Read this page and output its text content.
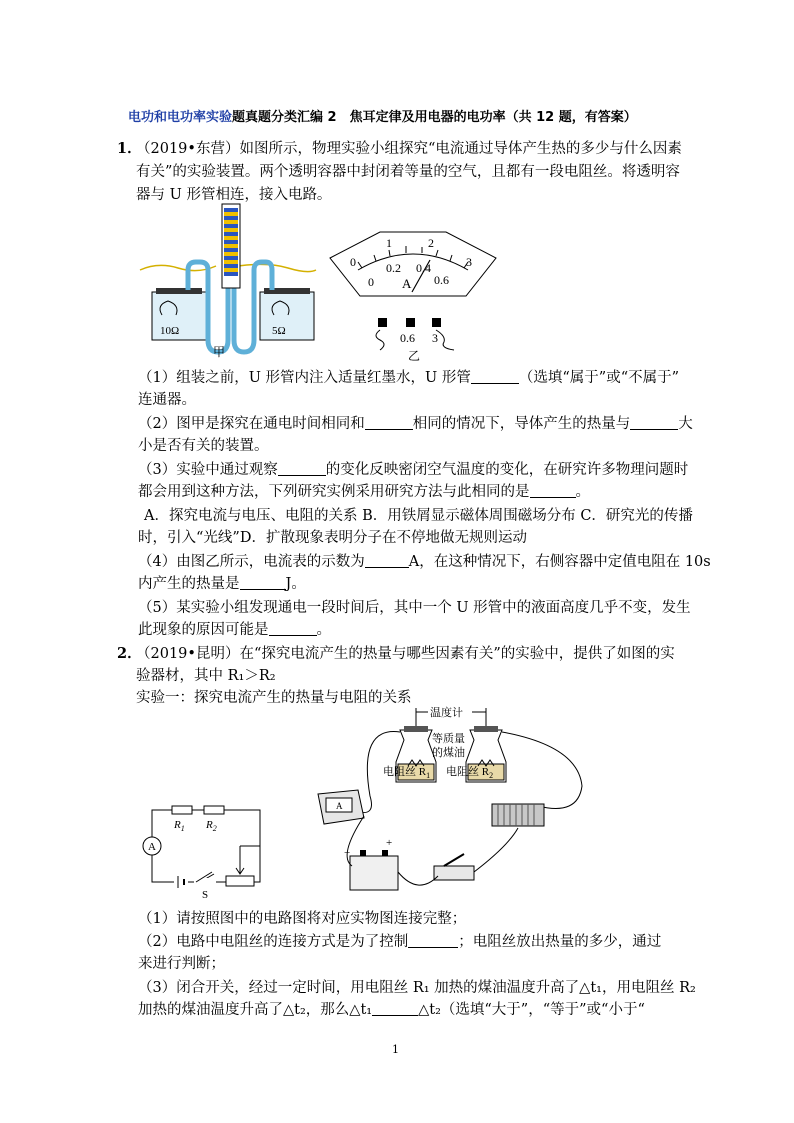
电功和电功率实验题真题分类汇编 2　焦耳定律及用电器的电功率（共 12 题，有答案）
1．
（2019•东营）如图所示，物理实验小组探究“电流通过导体产生热的多少与什么因素
有关”的实验装置。两个透明容器中封闭着等量的空气，且都有一段电阻丝。将透明容
器与 U 形管相连，接入电路。
10Ω	5Ω
甲
0
1	2
3
0
0.2 0.4
0.6
A
0.6 3
乙
（1）组装之前，U 形管内注入适量红墨水，U 形管	（选填“属于”或“不属于”
连通器。
（2）图甲是探究在通电时间相同和	相同的情况下，导体产生的热量与	大
小是否有关的装置。
（3）实验中通过观察	的变化反映密闭空气温度的变化，在研究许多物理问题时
都会用到这种方法，下列研究实例采用研究方法与此相同的是	。
A．探究电流与电压、电阻的关系 B．用铁屑显示磁体周围磁场分布 C．研究光的传播
时，引入“光线”D．扩散现象表明分子在不停地做无规则运动
（4）由图乙所示，电流表的示数为	A，在这种情况下，右侧容器中定值电阻在 10s
内产生的热量是	J。
（5）某实验小组发现通电一段时间后，其中一个 U 形管中的液面高度几乎不变，发生
此现象的原因可能是	。
2．
（2019•昆明）在“探究电流产生的热量与哪些因素有关”的实验中，提供了如图的实
验器材，其中 R₁＞R₂
实验一：探究电流产生的热量与电阻的关系
温度计
等质量
的煤油
电阻丝 $R_1$ 电阻丝 $R_2$
A
+
−
$R_1$ $R_2$
A
S
（1）请按照图中的电路图将对应实物图连接完整；
（2）电路中电阻丝的连接方式是为了控制	；电阻丝放出热量的多少，通过
来进行判断；
（3）闭合开关，经过一定时间，用电阻丝 R₁ 加热的煤油温度升高了△t₁，用电阻丝 R₂
加热的煤油温度升高了△t₂，那么△t₁	△t₂（选填“大于”，“等于”或“小于“
1
